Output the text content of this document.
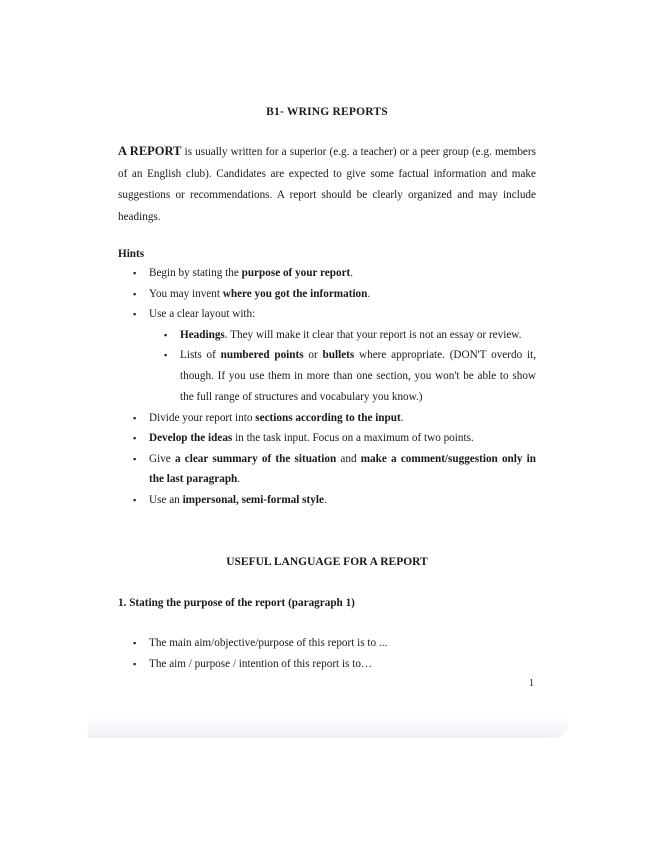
B1- WRING REPORTS

A REPORT is usually written for a superior (e.g. a teacher) or a peer group (e.g. members of an English club). Candidates are expected to give some factual information and make suggestions or recommendations. A report should be clearly organized and may include headings.

Hints
▪ Begin by stating the purpose of your report.
▪ You may invent where you got the information.
▪ Use a clear layout with:
▪ Headings. They will make it clear that your report is not an essay or review.
▪ Lists of numbered points or bullets where appropriate. (DON'T overdo it, though. If you use them in more than one section, you won't be able to show the full range of structures and vocabulary you know.)
▪ Divide your report into sections according to the input.
▪ Develop the ideas in the task input. Focus on a maximum of two points.
▪ Give a clear summary of the situation and make a comment/suggestion only in the last paragraph.
▪ Use an impersonal, semi-formal style.
USEFUL LANGUAGE FOR A REPORT
1. Stating the purpose of the report (paragraph 1)
▪ The main aim/objective/purpose of this report is to ...
▪ The aim / purpose / intention of this report is to…
1
